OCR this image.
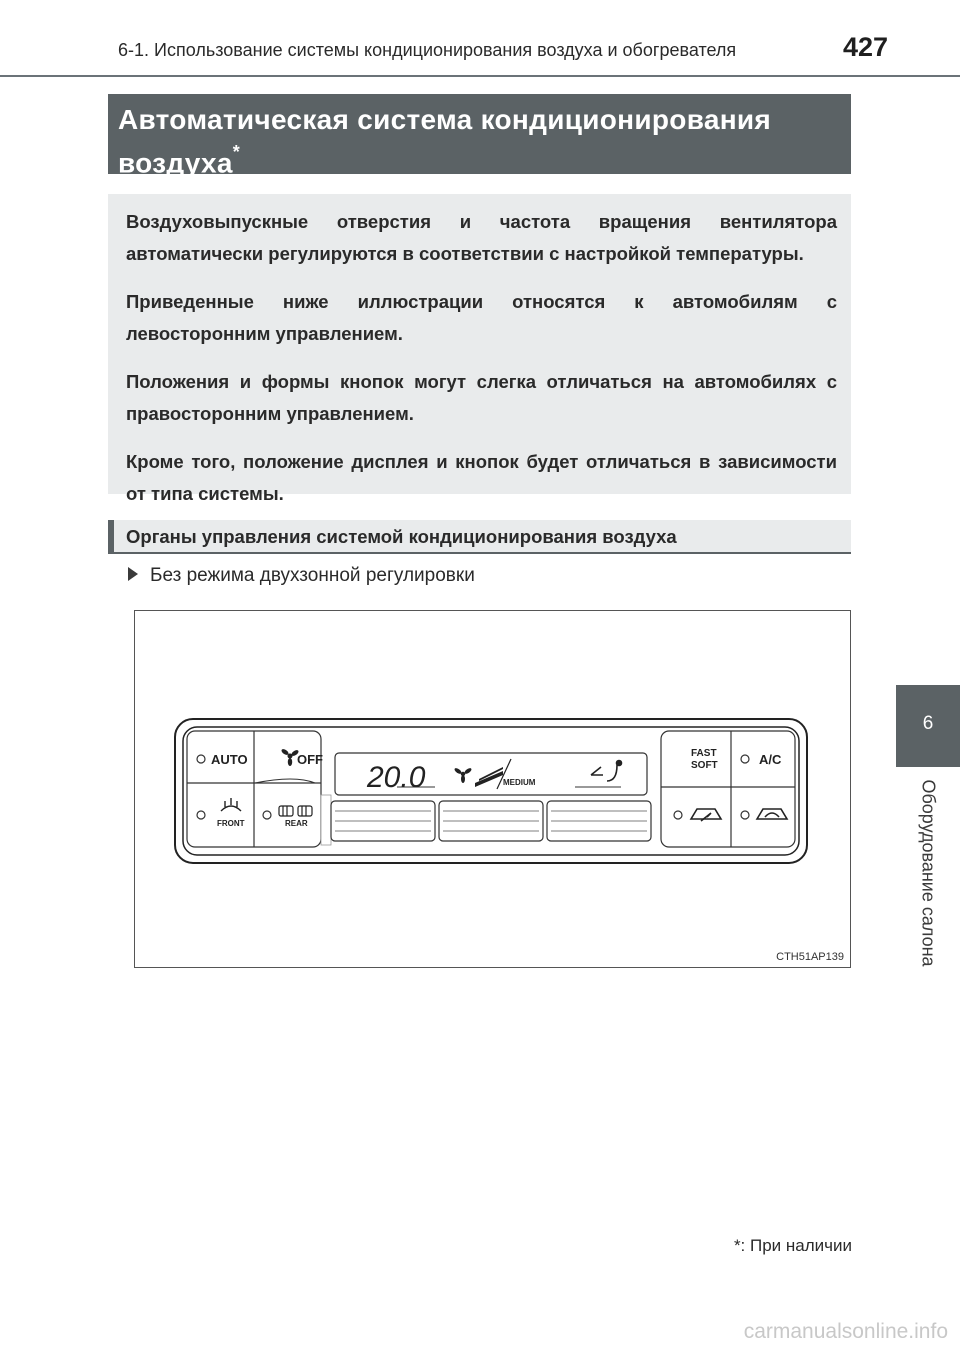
6-1. Использование системы кондиционирования воздуха и обогревателя	427
Автоматическая система кондиционирования
воздуха*

Воздуховыпускные отверстия и частота вращения вентилятора автоматически регулируются в соответствии с настройкой температуры.

Приведенные ниже иллюстрации относятся к автомобилям с левосторонним управлением.

Положения и формы кнопок могут слегка отличаться на автомобилях с правосторонним управлением.

Кроме того, положение дисплея и кнопок будет отличаться в зависимости от типа системы.

Органы управления системой кондиционирования воздуха
Без режима двухзонной регулировки
AUTO	OFF
FRONT	REAR
FAST
SOFT	A/C
20.0	MEDIUM
CTH51AP139
*: При наличии
6
Оборудование салона
carmanualsonline.info
